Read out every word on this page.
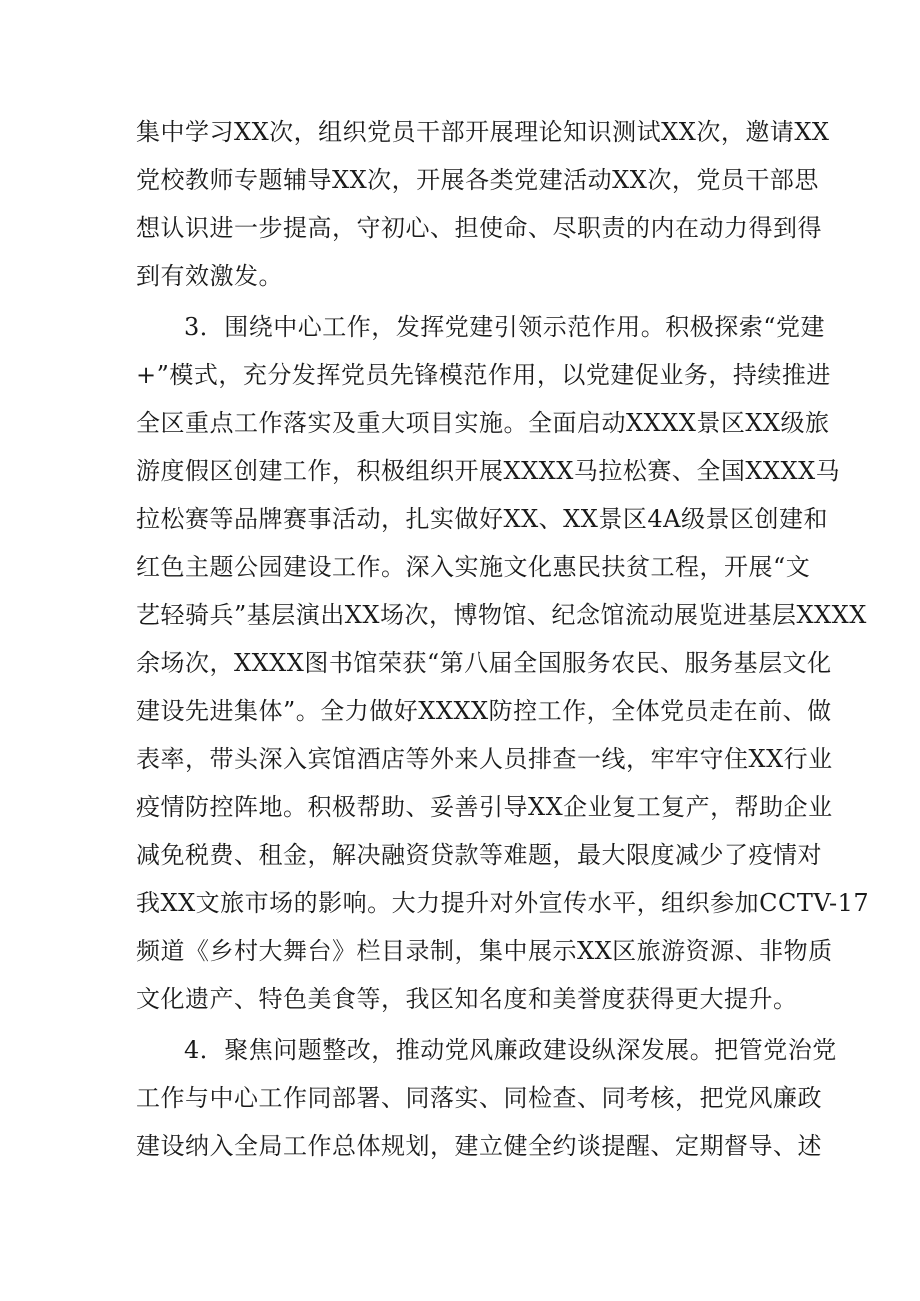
集中学习XX次，组织党员干部开展理论知识测试XX次，邀请XX
党校教师专题辅导XX次，开展各类党建活动XX次，党员干部思
想认识进一步提高，守初心、担使命、尽职责的内在动力得到得
到有效激发。
3．围绕中心工作，发挥党建引领示范作用。积极探索“党建
+”模式，充分发挥党员先锋模范作用，以党建促业务，持续推进
全区重点工作落实及重大项目实施。全面启动XXXX景区XX级旅
游度假区创建工作，积极组织开展XXXX马拉松赛、全国XXXX马
拉松赛等品牌赛事活动，扎实做好XX、XX景区4A级景区创建和
红色主题公园建设工作。深入实施文化惠民扶贫工程，开展“文
艺轻骑兵”基层演出XX场次，博物馆、纪念馆流动展览进基层XXXX
余场次，XXXX图书馆荣获“第八届全国服务农民、服务基层文化
建设先进集体”。全力做好XXXX防控工作，全体党员走在前、做
表率，带头深入宾馆酒店等外来人员排查一线，牢牢守住XX行业
疫情防控阵地。积极帮助、妥善引导XX企业复工复产，帮助企业
减免税费、租金，解决融资贷款等难题，最大限度减少了疫情对
我XX文旅市场的影响。大力提升对外宣传水平，组织参加CCTV-17
频道《乡村大舞台》栏目录制，集中展示XX区旅游资源、非物质
文化遗产、特色美食等，我区知名度和美誉度获得更大提升。
4．聚焦问题整改，推动党风廉政建设纵深发展。把管党治党
工作与中心工作同部署、同落实、同检查、同考核，把党风廉政
建设纳入全局工作总体规划，建立健全约谈提醒、定期督导、述
